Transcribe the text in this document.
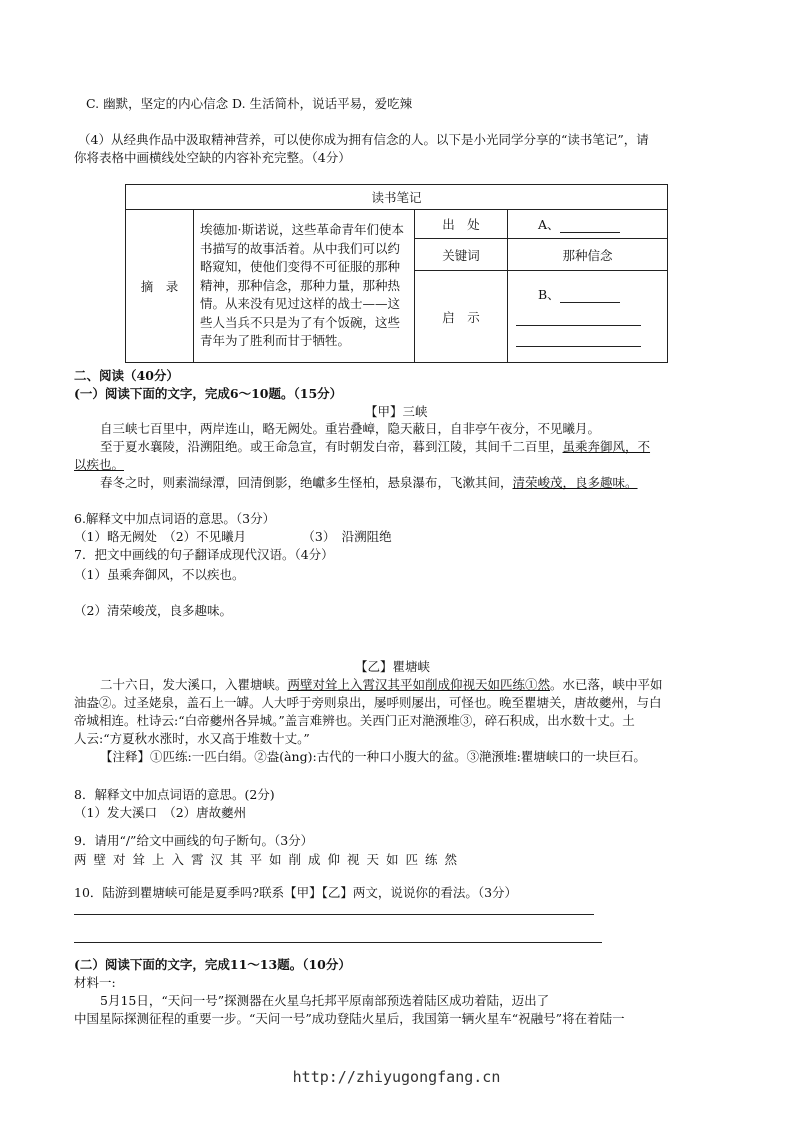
C. 幽默，坚定的内心信念 D. 生活简朴，说话平易，爱吃辣
（4）从经典作品中汲取精神营养，可以使你成为拥有信念的人。以下是小光同学分享的“读书笔记”，请
你将表格中画横线处空缺的内容补充完整。（4分）
读书笔记			
摘　录	埃德加·斯诺说，这些革命青年们使本书描写的故事活着。从中我们可以约略窥知，使他们变得不可征服的那种精神，那种信念，那种力量，那种热情。从来没有见过这样的战士——这些人当兵不只是为了有个饭碗，这些青年为了胜利而甘于牺牲。	出　处	A、
		关键词	那种信念
		启　示	B、
二、阅读（40分）
(一）阅读下面的文字，完成6～10题。（15分）
【甲】三峡
自三峡七百里中，两岸连山，略无阙处。重岩叠嶂，隐天蔽日，自非亭午夜分，不见曦月。
至于夏水襄陵，沿溯阻绝。或王命急宣，有时朝发白帝，暮到江陵，其间千二百里，虽乘奔御风，不
以疾也。
春冬之时，则素湍绿潭，回清倒影，绝巘多生怪柏，悬泉瀑布，飞漱其间，清荣峻茂，良多趣味。
6.解释文中加点词语的意思。（3分）
（1）略无阙处　（2）不见曦月　　　　　（3）　沿溯阻绝
7．把文中画线的句子翻译成现代汉语。（4分）
（1）虽乘奔御风，不以疾也。
（2）清荣峻茂，良多趣味。
【乙】瞿塘峡
二十六日，发大溪口，入瞿塘峡。两壁对耸上入霄汉其平如削成仰视天如匹练①然。水已落，峡中平如
油盎②。过圣姥泉，盖石上一罅。人大呼于旁则泉出，屡呼则屡出，可怪也。晚至瞿塘关，唐故夔州，与白
帝城相连。杜诗云:“白帝夔州各异城。”盖言难辨也。关西门正对滟滪堆③，碎石积成，出水数十丈。土
人云:“方夏秋水涨时，水又高于堆数十丈。”
【注释】①匹练:一匹白绢。②盎(àng):古代的一种口小腹大的盆。③滟滪堆:瞿塘峡口的一块巨石。
8．解释文中加点词语的意思。(2分)
（1）发大溪口　（2）唐故夔州
9．请用“/”给文中画线的句子断句。（3分）
两壁对耸上入霄汉其平如削成仰视天如匹练然
10．陆游到瞿塘峡可能是夏季吗?联系【甲】【乙】两文，说说你的看法。（3分）
(二）阅读下面的文字，完成11～13题。（10分）
材料一:
5月15日，“天问一号”探测器在火星乌托邦平原南部预选着陆区成功着陆，迈出了
中国星际探测征程的重要一步。“天问一号”成功登陆火星后，我国第一辆火星车“祝融号”将在着陆一
http://zhiyugongfang.cn
